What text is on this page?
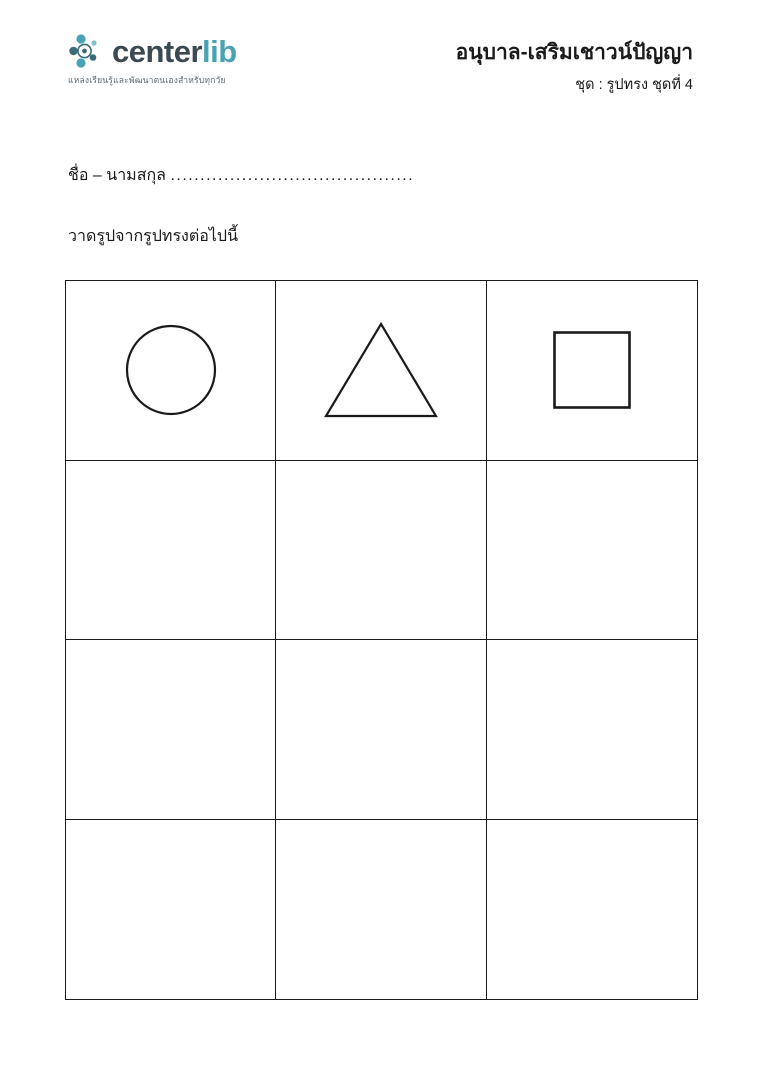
centerlib
แหล่งเรียนรู้และพัฒนาตนเองสำหรับทุกวัย
อนุบาล-เสริมเชาวน์ปัญญา
ชุด : รูปทรง ชุดที่ 4
ชื่อ – นามสกุล .........................................
วาดรูปจากรูปทรงต่อไปนี้
